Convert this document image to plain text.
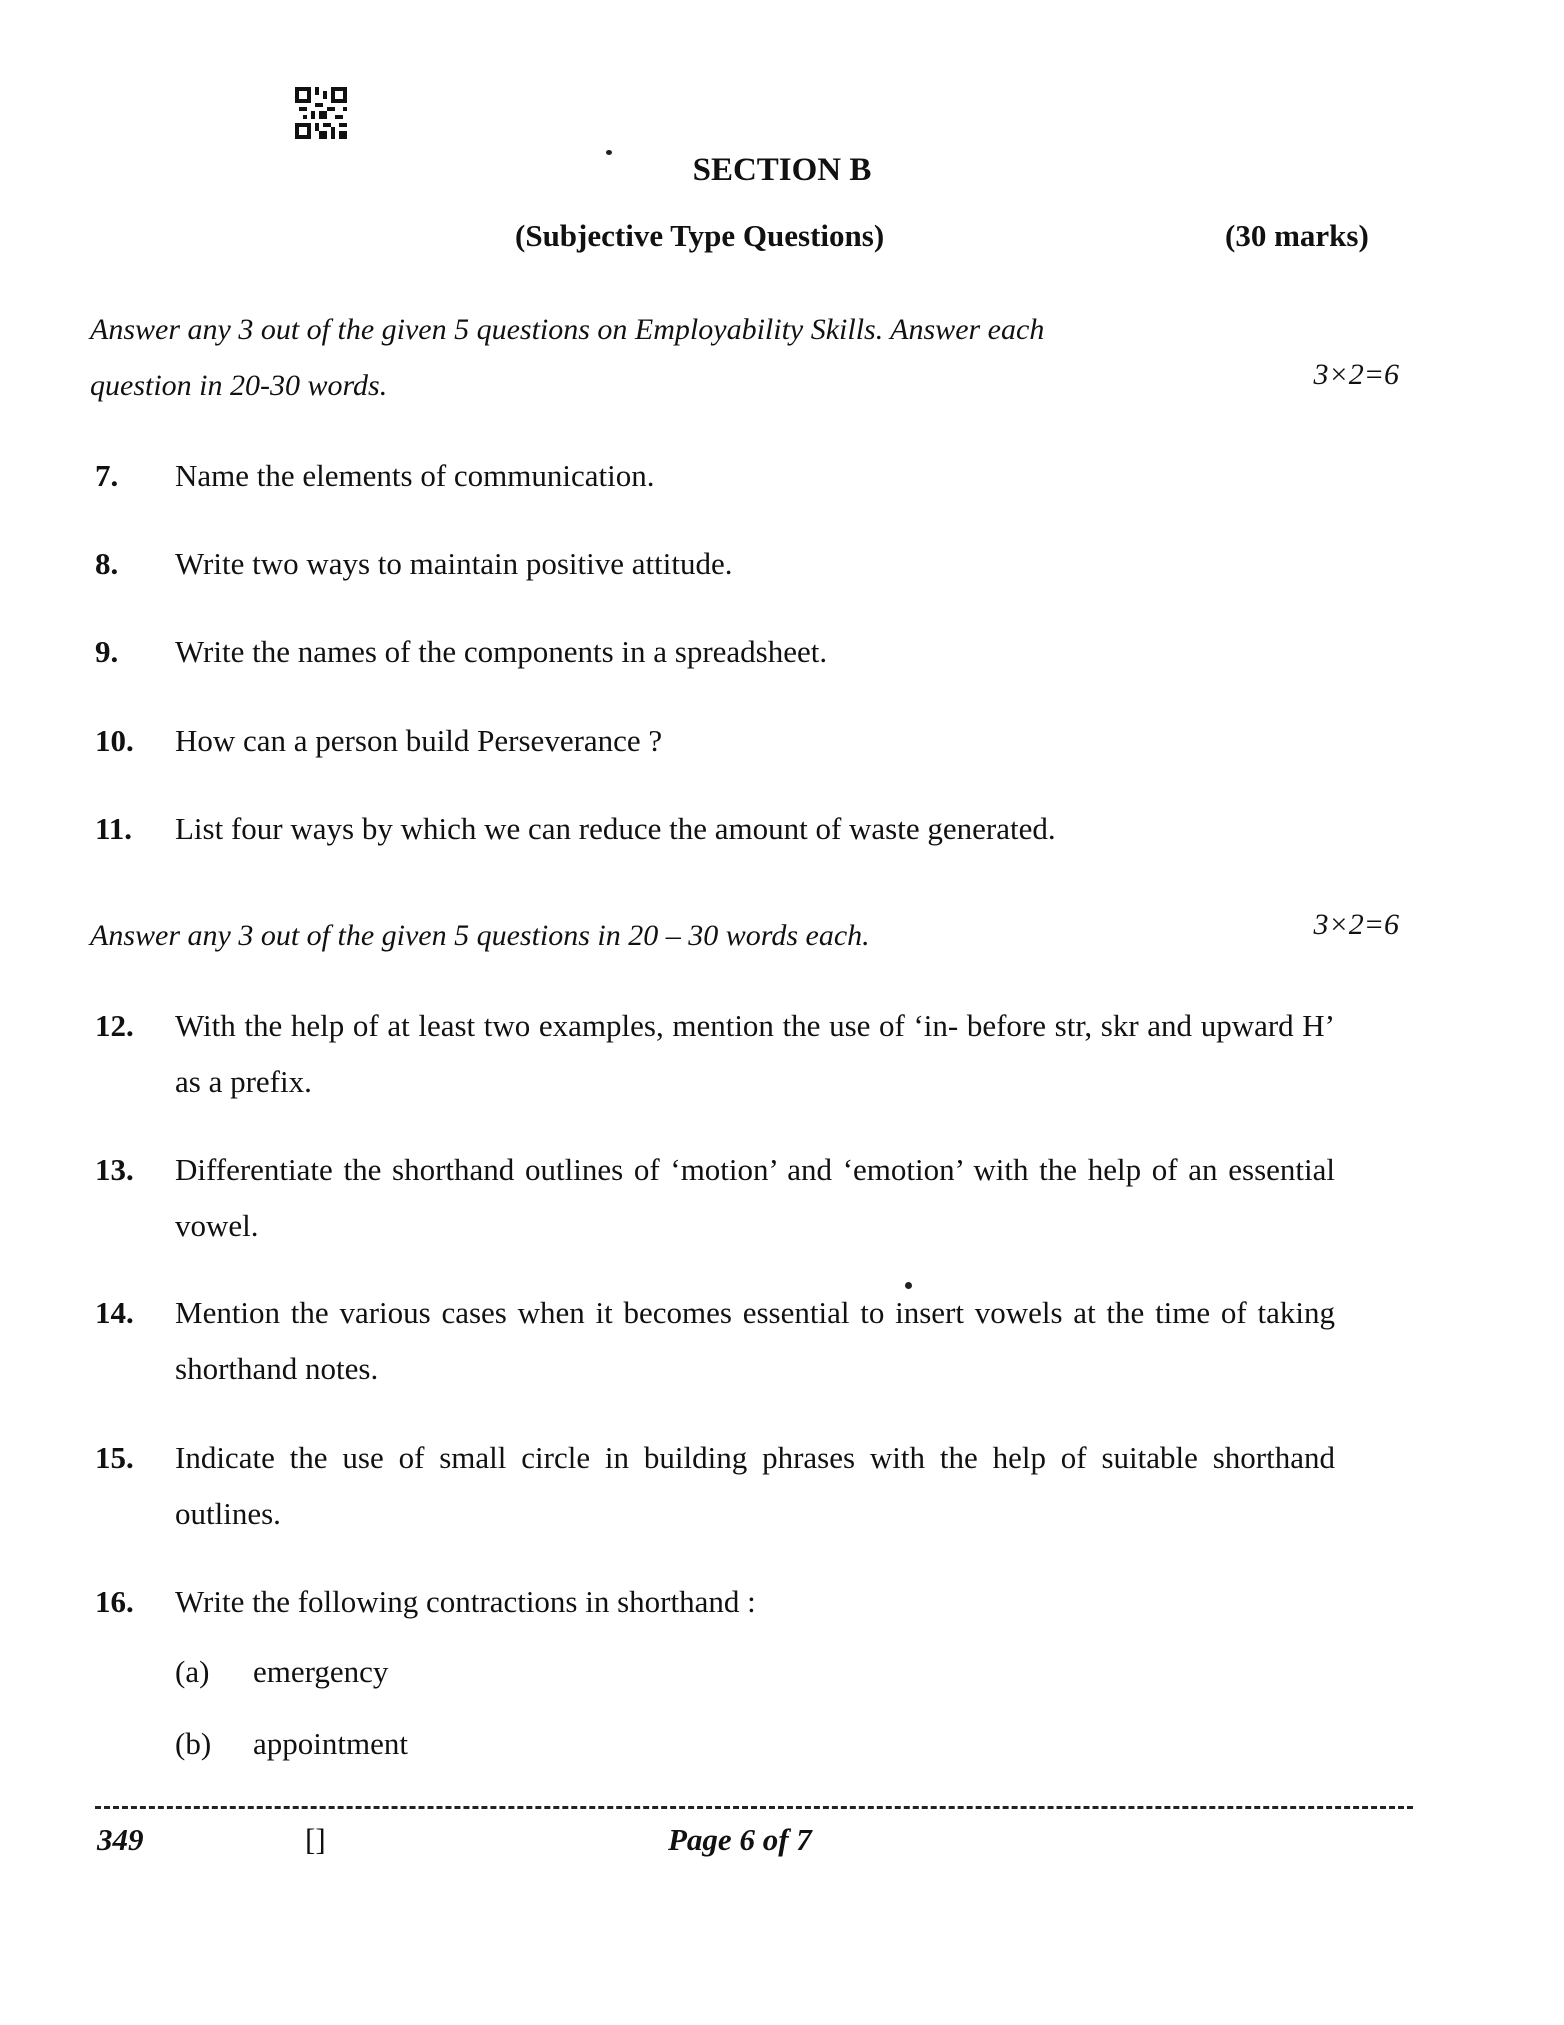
SECTION B
(Subjective Type Questions)	(30 marks)
Answer any 3 out of the given 5 questions on Employability Skills. Answer each
question in 20-30 words.	3×2=6
7. Name the elements of communication.
8. Write two ways to maintain positive attitude.
9. Write the names of the components in a spreadsheet.
10. How can a person build Perseverance ?
11. List four ways by which we can reduce the amount of waste generated.
Answer any 3 out of the given 5 questions in 20 – 30 words each.	3×2=6
12. With the help of at least two examples, mention the use of ‘in- before str, skr and upward H’ as a prefix.
13. Differentiate the shorthand outlines of ‘motion’ and ‘emotion’ with the help of an essential vowel.
14. Mention the various cases when it becomes essential to insert vowels at the time of taking shorthand notes.
15. Indicate the use of small circle in building phrases with the help of suitable shorthand outlines.
16. Write the following contractions in shorthand :
(a) emergency
(b) appointment
349	[]	Page 6 of 7
